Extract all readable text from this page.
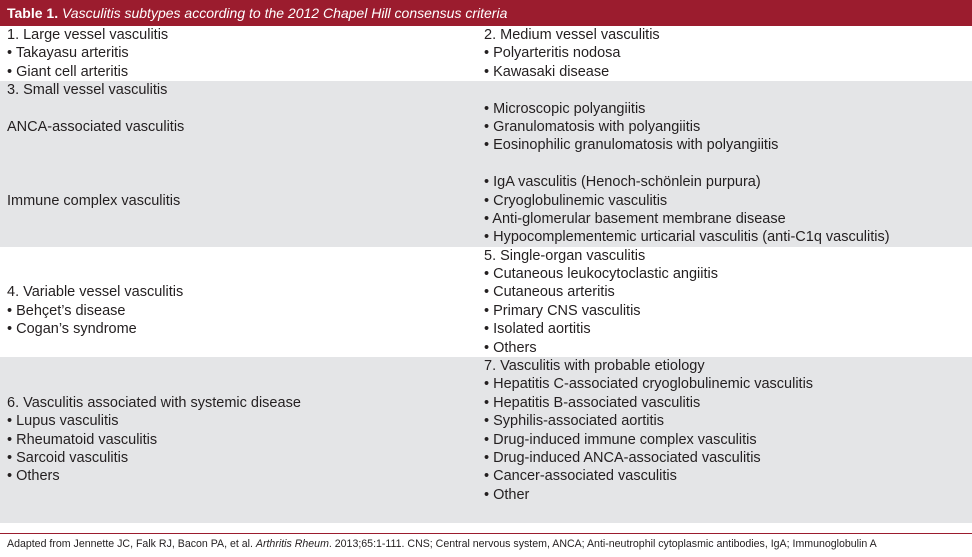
Table 1. Vasculitis subtypes according to the 2012 Chapel Hill consensus criteria
1. Large vessel vasculitis
• Takayasu arteritis
• Giant cell arteritis
2. Medium vessel vasculitis
• Polyarteritis nodosa
• Kawasaki disease
3. Small vessel vasculitis
ANCA-associated vasculitis
Immune complex vasculitis
• Microscopic polyangiitis
• Granulomatosis with polyangiitis
• Eosinophilic granulomatosis with polyangiitis
• IgA vasculitis (Henoch-schönlein purpura)
• Cryoglobulinemic vasculitis
• Anti-glomerular basement membrane disease
• Hypocomplementemic urticarial vasculitis (anti-C1q vasculitis)
4. Variable vessel vasculitis
• Behçet’s disease
• Cogan’s syndrome
5. Single-organ vasculitis
• Cutaneous leukocytoclastic angiitis
• Cutaneous arteritis
• Primary CNS vasculitis
• Isolated aortitis
• Others
6. Vasculitis associated with systemic disease
• Lupus vasculitis
• Rheumatoid vasculitis
• Sarcoid vasculitis
• Others
7. Vasculitis with probable etiology
• Hepatitis C-associated cryoglobulinemic vasculitis
• Hepatitis B-associated vasculitis
• Syphilis-associated aortitis
• Drug-induced immune complex vasculitis
• Drug-induced ANCA-associated vasculitis
• Cancer-associated vasculitis
• Other
Adapted from Jennette JC, Falk RJ, Bacon PA, et al. Arthritis Rheum. 2013;65:1-111. CNS; Central nervous system, ANCA; Anti-neutrophil cytoplasmic antibodies, IgA; Immunoglobulin A
